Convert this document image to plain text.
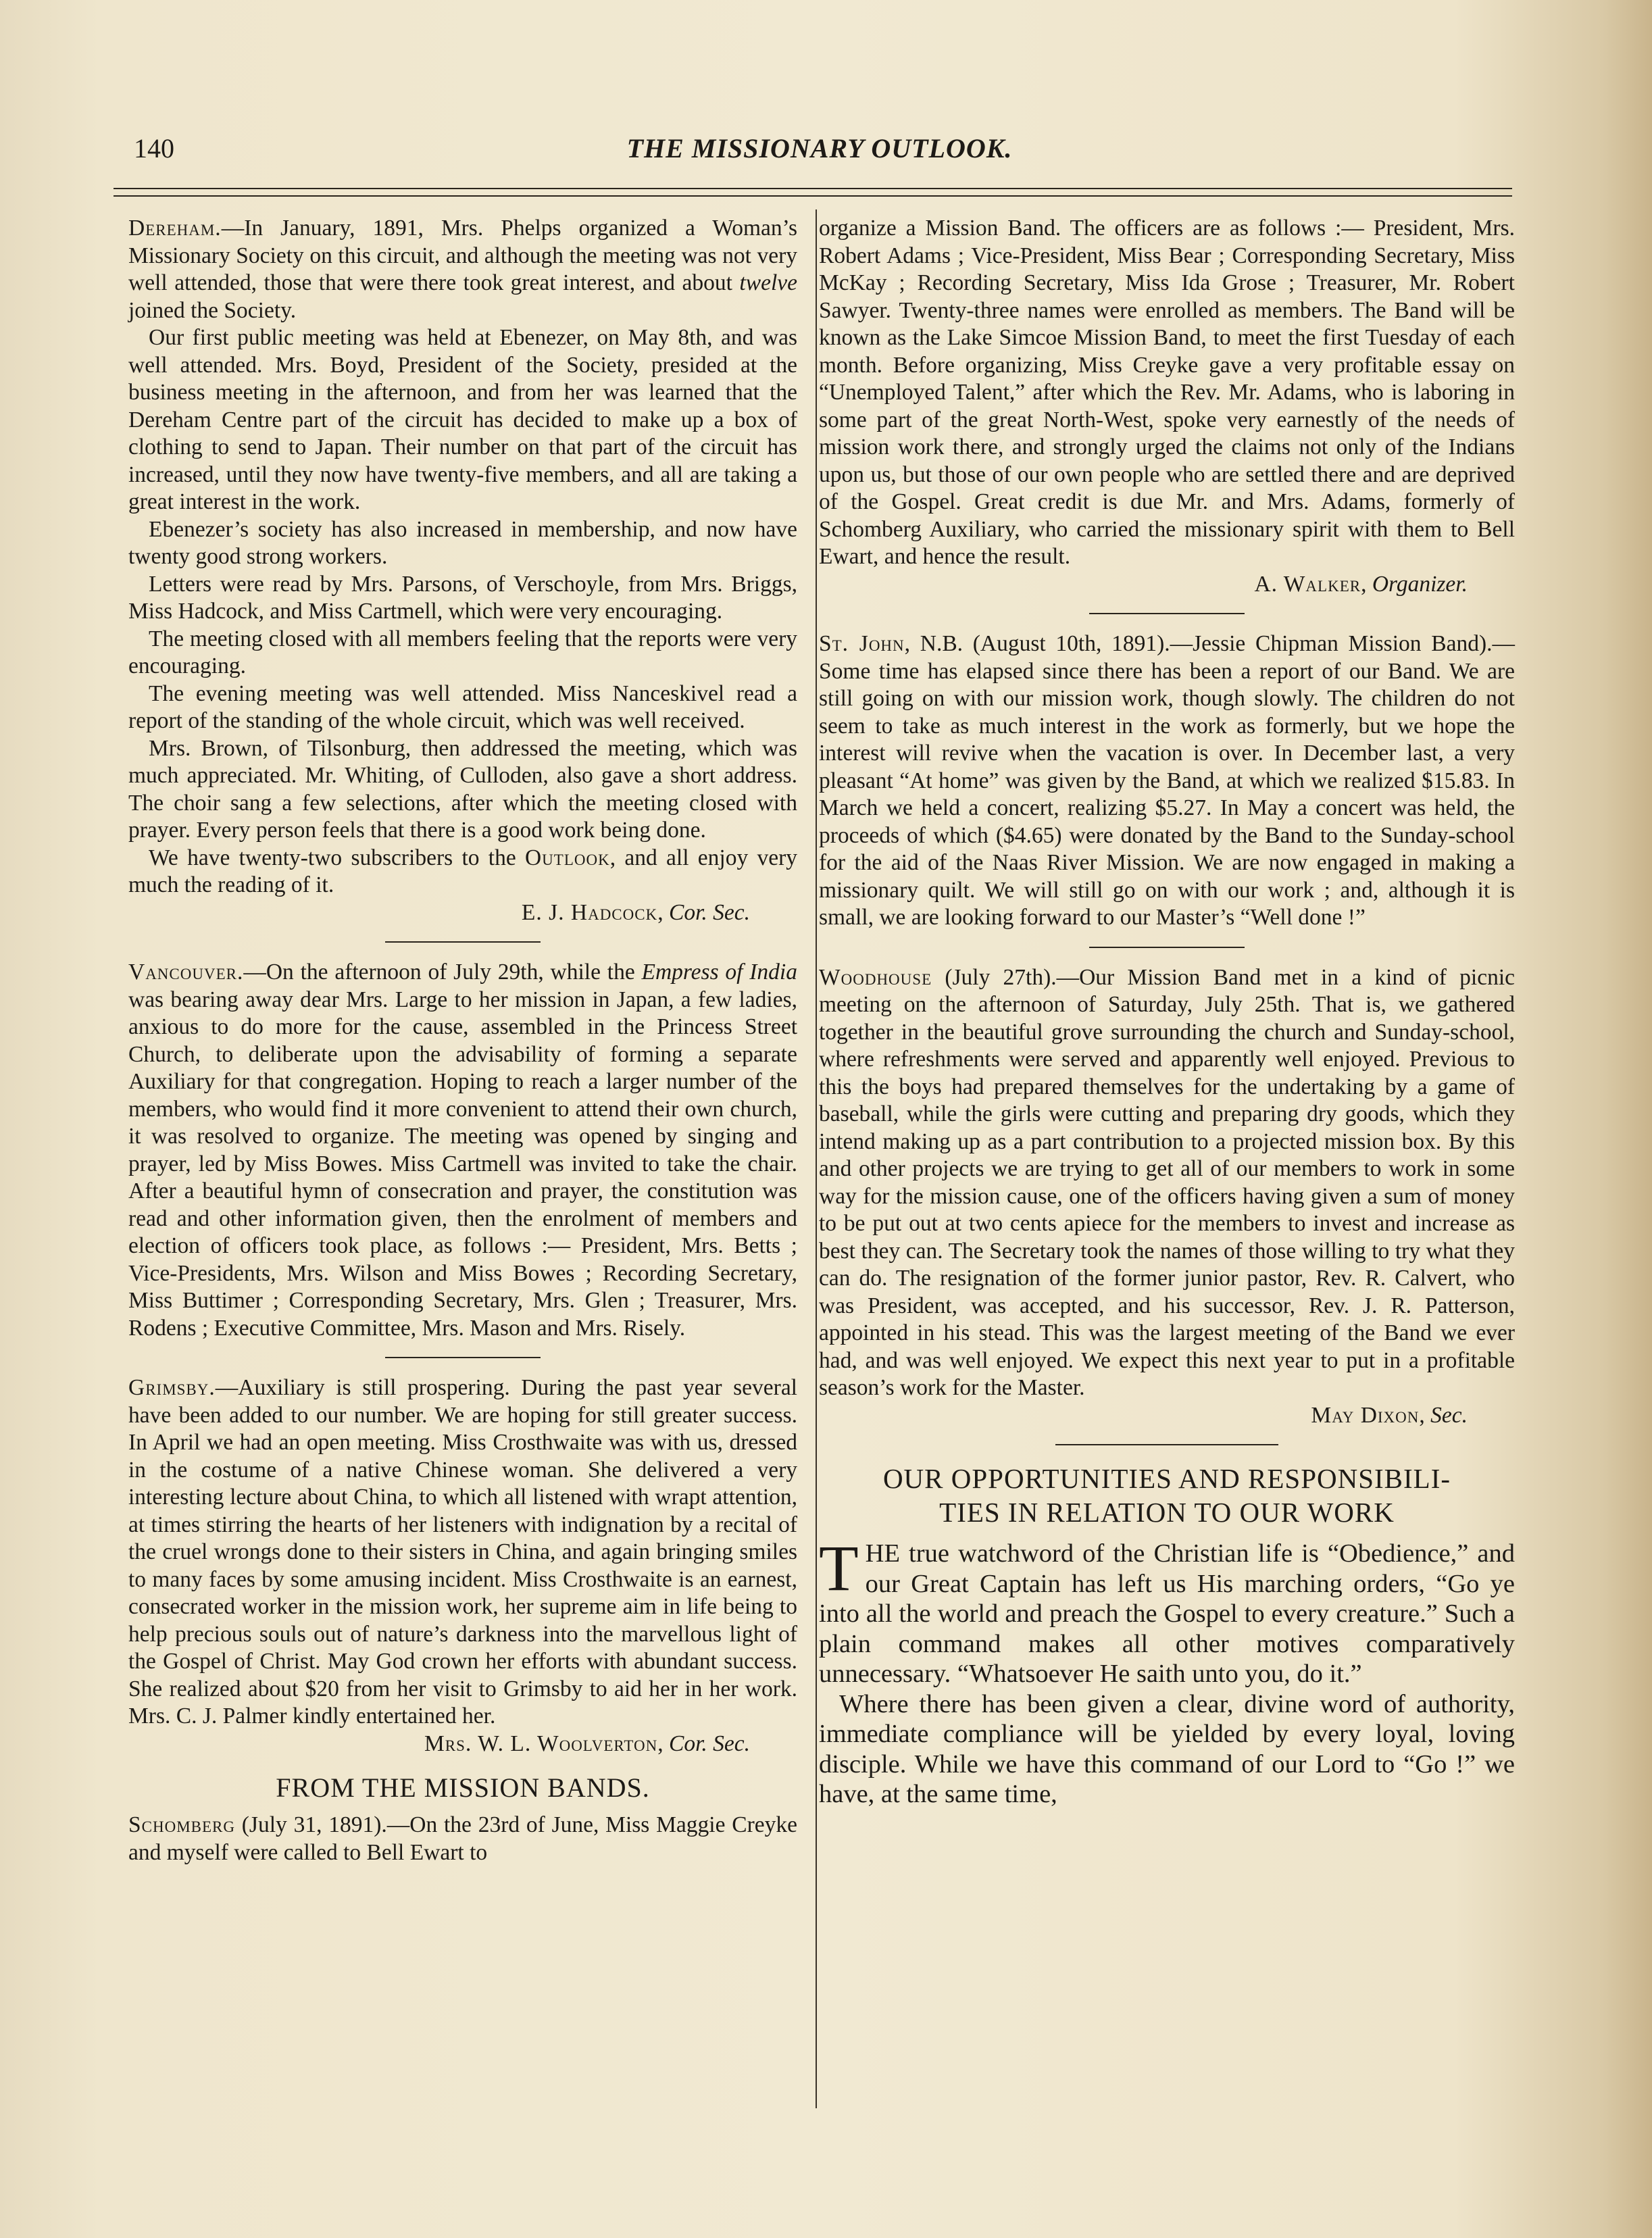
140	THE MISSIONARY OUTLOOK.

Dereham.—In January, 1891, Mrs. Phelps organized a Woman’s Missionary Society on this circuit, and although the meeting was not very well attended, those that were there took great interest, and about twelve joined the Society.

Our first public meeting was held at Ebenezer, on May 8th, and was well attended. Mrs. Boyd, President of the Society, presided at the business meeting in the afternoon, and from her was learned that the Dereham Centre part of the circuit has decided to make up a box of clothing to send to Japan. Their number on that part of the circuit has increased, until they now have twenty-five members, and all are taking a great interest in the work.

Ebenezer’s society has also increased in membership, and now have twenty good strong workers.

Letters were read by Mrs. Parsons, of Verschoyle, from Mrs. Briggs, Miss Hadcock, and Miss Cartmell, which were very encouraging.

The meeting closed with all members feeling that the reports were very encouraging.

The evening meeting was well attended. Miss Nanceskivel read a report of the standing of the whole circuit, which was well received.

Mrs. Brown, of Tilsonburg, then addressed the meeting, which was much appreciated. Mr. Whiting, of Culloden, also gave a short address. The choir sang a few selections, after which the meeting closed with prayer. Every person feels that there is a good work being done.

We have twenty-two subscribers to the Outlook, and all enjoy very much the reading of it.

E. J. Hadcock, Cor. Sec.

Vancouver.—On the afternoon of July 29th, while the Empress of India was bearing away dear Mrs. Large to her mission in Japan, a few ladies, anxious to do more for the cause, assembled in the Princess Street Church, to deliberate upon the advisability of forming a separate Auxiliary for that congregation. Hoping to reach a larger number of the members, who would find it more convenient to attend their own church, it was resolved to organize. The meeting was opened by singing and prayer, led by Miss Bowes. Miss Cartmell was invited to take the chair. After a beautiful hymn of consecration and prayer, the constitution was read and other information given, then the enrolment of members and election of officers took place, as follows :— President, Mrs. Betts ; Vice-Presidents, Mrs. Wilson and Miss Bowes ; Recording Secretary, Miss Buttimer ; Corresponding Secretary, Mrs. Glen ; Treasurer, Mrs. Rodens ; Executive Committee, Mrs. Mason and Mrs. Risely.

Grimsby.—Auxiliary is still prospering. During the past year several have been added to our number. We are hoping for still greater success. In April we had an open meeting. Miss Crosthwaite was with us, dressed in the costume of a native Chinese woman. She delivered a very interesting lecture about China, to which all listened with wrapt attention, at times stirring the hearts of her listeners with indignation by a recital of the cruel wrongs done to their sisters in China, and again bringing smiles to many faces by some amusing incident. Miss Crosthwaite is an earnest, consecrated worker in the mission work, her supreme aim in life being to help precious souls out of nature’s darkness into the marvellous light of the Gospel of Christ. May God crown her efforts with abundant success. She realized about $20 from her visit to Grimsby to aid her in her work. Mrs. C. J. Palmer kindly entertained her.

Mrs. W. L. Woolverton, Cor. Sec.

FROM THE MISSION BANDS.

Schomberg (July 31, 1891).—On the 23rd of June, Miss Maggie Creyke and myself were called to Bell Ewart to

organize a Mission Band. The officers are as follows :— President, Mrs. Robert Adams ; Vice-President, Miss Bear ; Corresponding Secretary, Miss McKay ; Recording Secretary, Miss Ida Grose ; Treasurer, Mr. Robert Sawyer. Twenty-three names were enrolled as members. The Band will be known as the Lake Simcoe Mission Band, to meet the first Tuesday of each month. Before organizing, Miss Creyke gave a very profitable essay on “Unemployed Talent,” after which the Rev. Mr. Adams, who is laboring in some part of the great North-West, spoke very earnestly of the needs of mission work there, and strongly urged the claims not only of the Indians upon us, but those of our own people who are settled there and are deprived of the Gospel. Great credit is due Mr. and Mrs. Adams, formerly of Schomberg Auxiliary, who carried the missionary spirit with them to Bell Ewart, and hence the result.

A. Walker, Organizer.

St. John, N.B. (August 10th, 1891).—Jessie Chipman Mission Band).—Some time has elapsed since there has been a report of our Band. We are still going on with our mission work, though slowly. The children do not seem to take as much interest in the work as formerly, but we hope the interest will revive when the vacation is over. In December last, a very pleasant “At home” was given by the Band, at which we realized $15.83. In March we held a concert, realizing $5.27. In May a concert was held, the proceeds of which ($4.65) were donated by the Band to the Sunday-school for the aid of the Naas River Mission. We are now engaged in making a missionary quilt. We will still go on with our work ; and, although it is small, we are looking forward to our Master’s “Well done !”

Woodhouse (July 27th).—Our Mission Band met in a kind of picnic meeting on the afternoon of Saturday, July 25th. That is, we gathered together in the beautiful grove surrounding the church and Sunday-school, where refreshments were served and apparently well enjoyed. Previous to this the boys had prepared themselves for the undertaking by a game of baseball, while the girls were cutting and preparing dry goods, which they intend making up as a part contribution to a projected mission box. By this and other projects we are trying to get all of our members to work in some way for the mission cause, one of the officers having given a sum of money to be put out at two cents apiece for the members to invest and increase as best they can. The Secretary took the names of those willing to try what they can do. The resignation of the former junior pastor, Rev. R. Calvert, who was President, was accepted, and his successor, Rev. J. R. Patterson, appointed in his stead. This was the largest meeting of the Band we ever had, and was well enjoyed. We expect this next year to put in a profitable season’s work for the Master.

May Dixon, Sec.

OUR OPPORTUNITIES AND RESPONSIBILI-
TIES IN RELATION TO OUR WORK

THE true watchword of the Christian life is “Obedience,” and our Great Captain has left us His marching orders, “Go ye into all the world and preach the Gospel to every creature.” Such a plain command makes all other motives comparatively unnecessary. “Whatsoever He saith unto you, do it.”

Where there has been given a clear, divine word of authority, immediate compliance will be yielded by every loyal, loving disciple. While we have this command of our Lord to “Go !” we have, at the same time,
